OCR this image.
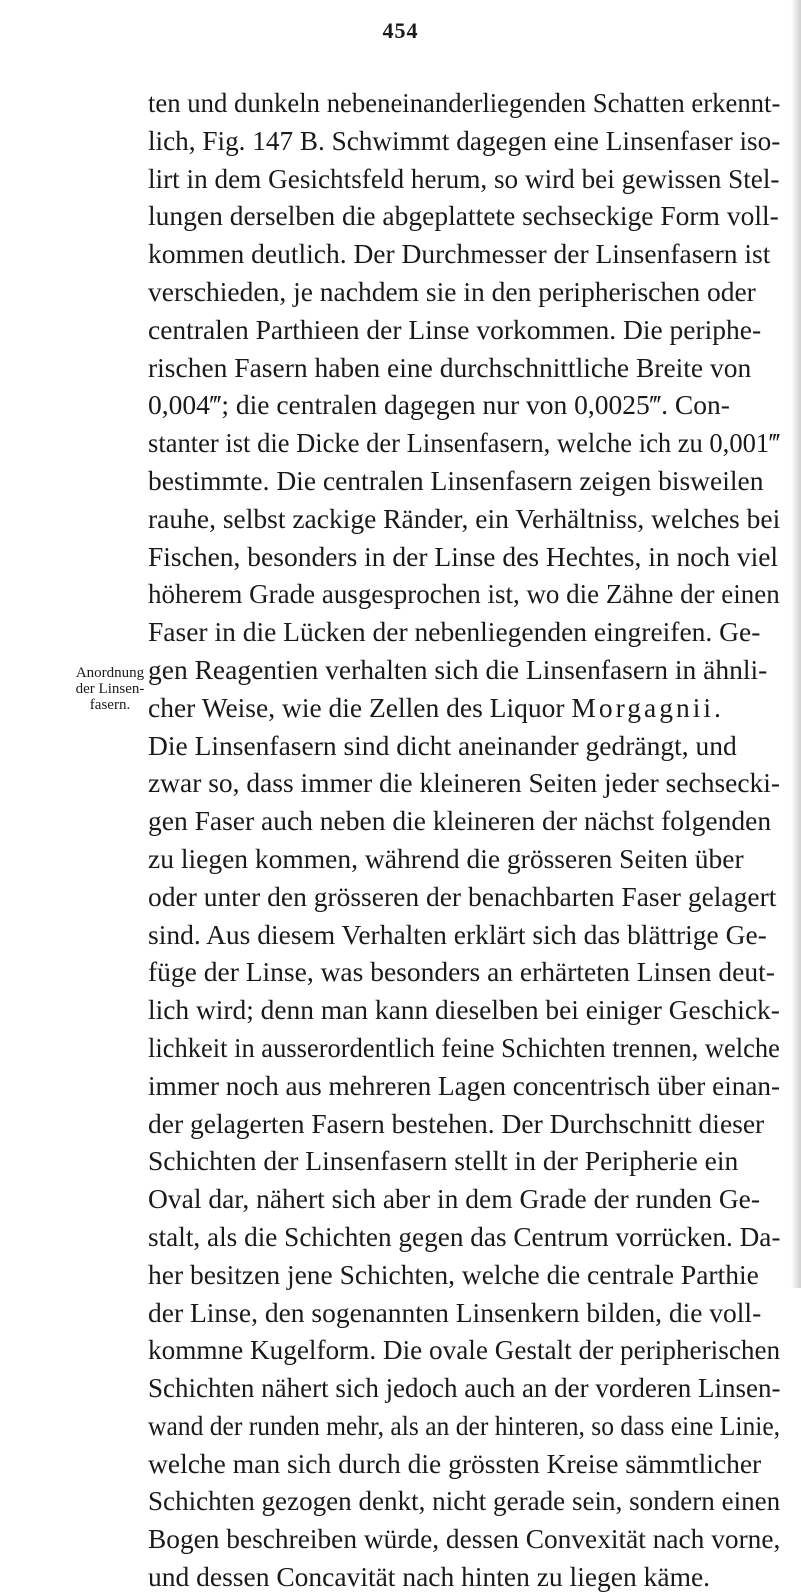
454
Anordnung
der Linsen-
fasern.
ten und dunkeln nebeneinanderliegenden Schatten erkennt-
lich, Fig. 147 B. Schwimmt dagegen eine Linsenfaser iso-
lirt in dem Gesichtsfeld herum, so wird bei gewissen Stel-
lungen derselben die abgeplattete sechseckige Form voll-
kommen deutlich. Der Durchmesser der Linsenfasern ist
verschieden, je nachdem sie in den peripherischen oder
centralen Parthieen der Linse vorkommen. Die periphe-
rischen Fasern haben eine durchschnittliche Breite von
0,004‴; die centralen dagegen nur von 0,0025‴. Con-
stanter ist die Dicke der Linsenfasern, welche ich zu 0,001‴
bestimmte. Die centralen Linsenfasern zeigen bisweilen
rauhe, selbst zackige Ränder, ein Verhältniss, welches bei
Fischen, besonders in der Linse des Hechtes, in noch viel
höherem Grade ausgesprochen ist, wo die Zähne der einen
Faser in die Lücken der nebenliegenden eingreifen. Ge-
gen Reagentien verhalten sich die Linsenfasern in ähnli-
cher Weise, wie die Zellen des Liquor Morgagnii.
Die Linsenfasern sind dicht aneinander gedrängt, und
zwar so, dass immer die kleineren Seiten jeder sechsecki-
gen Faser auch neben die kleineren der nächst folgenden
zu liegen kommen, während die grösseren Seiten über
oder unter den grösseren der benachbarten Faser gelagert
sind. Aus diesem Verhalten erklärt sich das blättrige Ge-
füge der Linse, was besonders an erhärteten Linsen deut-
lich wird; denn man kann dieselben bei einiger Geschick-
lichkeit in ausserordentlich feine Schichten trennen, welche
immer noch aus mehreren Lagen concentrisch über einan-
der gelagerten Fasern bestehen. Der Durchschnitt dieser
Schichten der Linsenfasern stellt in der Peripherie ein
Oval dar, nähert sich aber in dem Grade der runden Ge-
stalt, als die Schichten gegen das Centrum vorrücken. Da-
her besitzen jene Schichten, welche die centrale Parthie
der Linse, den sogenannten Linsenkern bilden, die voll-
kommne Kugelform. Die ovale Gestalt der peripherischen
Schichten nähert sich jedoch auch an der vorderen Linsen-
wand der runden mehr, als an der hinteren, so dass eine Linie,
welche man sich durch die grössten Kreise sämmtlicher
Schichten gezogen denkt, nicht gerade sein, sondern einen
Bogen beschreiben würde, dessen Convexität nach vorne,
und dessen Concavität nach hinten zu liegen käme.
